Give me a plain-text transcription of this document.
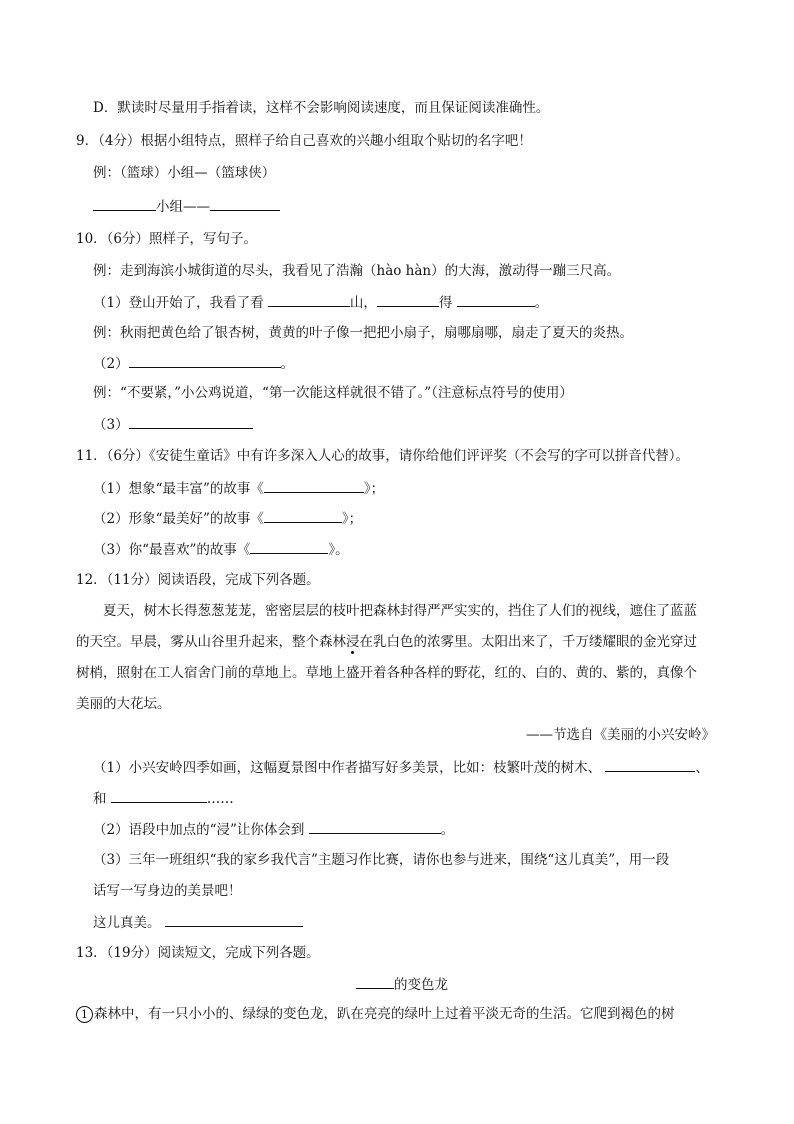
D．默读时尽量用手指着读，这样不会影响阅读速度，而且保证阅读准确性。
9．（4分）根据小组特点，照样子给自己喜欢的兴趣小组取个贴切的名字吧！
例：（篮球）小组—（篮球侠）
小组——
10．（6分）照样子，写句子。
例：走到海滨小城街道的尽头，我看见了浩瀚（hào hàn）的大海，激动得一蹦三尺高。
（1）登山开始了，我看了看	山，	得	。
例：秋雨把黄色给了银杏树，黄黄的叶子像一把把小扇子，扇哪扇哪，扇走了夏天的炎热。
（2）	。
例：“不要紧，”小公鸡说道，“第一次能这样就很不错了。”（注意标点符号的使用）
（3）
11．（6分）《安徒生童话》中有许多深入人心的故事，请你给他们评评奖（不会写的字可以拼音代替）。
（1）想象“最丰富”的故事《	》；
（2）形象“最美好”的故事《	》；
（3）你“最喜欢”的故事《	》。
12．（11分）阅读语段，完成下列各题。
夏天，树木长得葱葱茏茏，密密层层的枝叶把森林封得严严实实的，挡住了人们的视线，遮住了蓝蓝
的天空。早晨，雾从山谷里升起来，整个森林浸在乳白色的浓雾里。太阳出来了，千万缕耀眼的金光穿过
树梢，照射在工人宿舍门前的草地上。草地上盛开着各种各样的野花，红的、白的、黄的、紫的，真像个
美丽的大花坛。
——节选自《美丽的小兴安岭》
（1）小兴安岭四季如画，这幅夏景图中作者描写好多美景，比如：枝繁叶茂的树木、	、
和	……
（2）语段中加点的“浸”让你体会到	。
（3）三年一班组织“我的家乡我代言”主题习作比赛，请你也参与进来，围绕“这儿真美”，用一段
话写一写身边的美景吧！
这儿真美。
13．（19分）阅读短文，完成下列各题。
的变色龙
1 森林中，有一只小小的、绿绿的变色龙，趴在亮亮的绿叶上过着平淡无奇的生活。它爬到褐色的树
